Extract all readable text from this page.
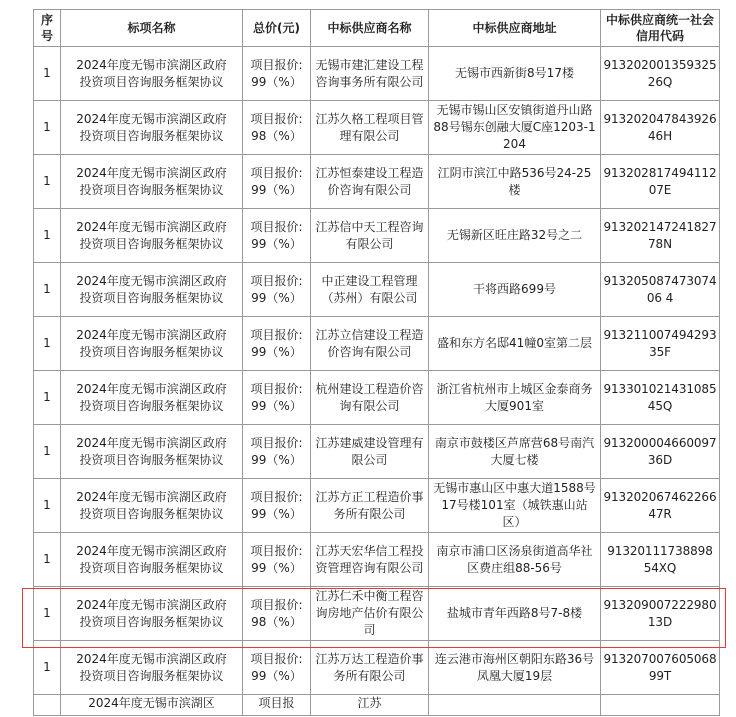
序号	标项名称	总价(元)	中标供应商名称	中标供应商地址	中标供应商统一社会信用代码
1	2024年度无锡市滨湖区政府投资项目咨询服务框架协议	项目报价:99（%）	无锡市建汇建设工程咨询事务所有限公司	无锡市西新街8号17楼	91320200135932526Q
1	2024年度无锡市滨湖区政府投资项目咨询服务框架协议	项目报价:98（%）	江苏久格工程项目管理有限公司	无锡市锡山区安镇街道丹山路88号锡东创融大厦C座1203-1204	91320204784392646H
1	2024年度无锡市滨湖区政府投资项目咨询服务框架协议	项目报价:99（%）	江苏恒泰建设工程造价咨询有限公司	江阴市滨江中路536号24-25楼	91320281749411207E
1	2024年度无锡市滨湖区政府投资项目咨询服务框架协议	项目报价:99（%）	江苏信中天工程咨询有限公司	无锡新区旺庄路32号之二	91320214724182778N
1	2024年度无锡市滨湖区政府投资项目咨询服务框架协议	项目报价:99（%）	中正建设工程管理（苏州）有限公司	干将西路699号	91320508747307406 4
1	2024年度无锡市滨湖区政府投资项目咨询服务框架协议	项目报价:99（%）	江苏立信建设工程造价咨询有限公司	盛和东方名邸41幢0室第二层	91321100749429335F
1	2024年度无锡市滨湖区政府投资项目咨询服务框架协议	项目报价:99（%）	杭州建设工程造价咨询有限公司	浙江省杭州市上城区金泰商务大厦901室	91330102143108545Q
1	2024年度无锡市滨湖区政府投资项目咨询服务框架协议	项目报价:99（%）	江苏建威建设管理有限公司	南京市鼓楼区芦席营68号南汽大厦七楼	91320000466009736D
1	2024年度无锡市滨湖区政府投资项目咨询服务框架协议	项目报价:99（%）	江苏方正工程造价事务所有限公司	无锡市惠山区中惠大道1588号17号楼101室（城铁惠山站区）	91320206746226647R
1	2024年度无锡市滨湖区政府投资项目咨询服务框架协议	项目报价:99（%）	江苏天宏华信工程投资管理咨询有限公司	南京市浦口区汤泉街道高华社区费庄组88-56号	91320111738898 54XQ
1	2024年度无锡市滨湖区政府投资项目咨询服务框架协议	项目报价:98（%）	江苏仁禾中衡工程咨询房地产估价有限公司	盐城市青年西路8号7-8楼	91320900722298013D
1	2024年度无锡市滨湖区政府投资项目咨询服务框架协议	项目报价:99（%）	江苏万达工程造价事务所有限公司	连云港市海州区朝阳东路36号凤凰大厦19层	91320700760506899T
	2024年度无锡市滨湖区	项目报	江苏		
